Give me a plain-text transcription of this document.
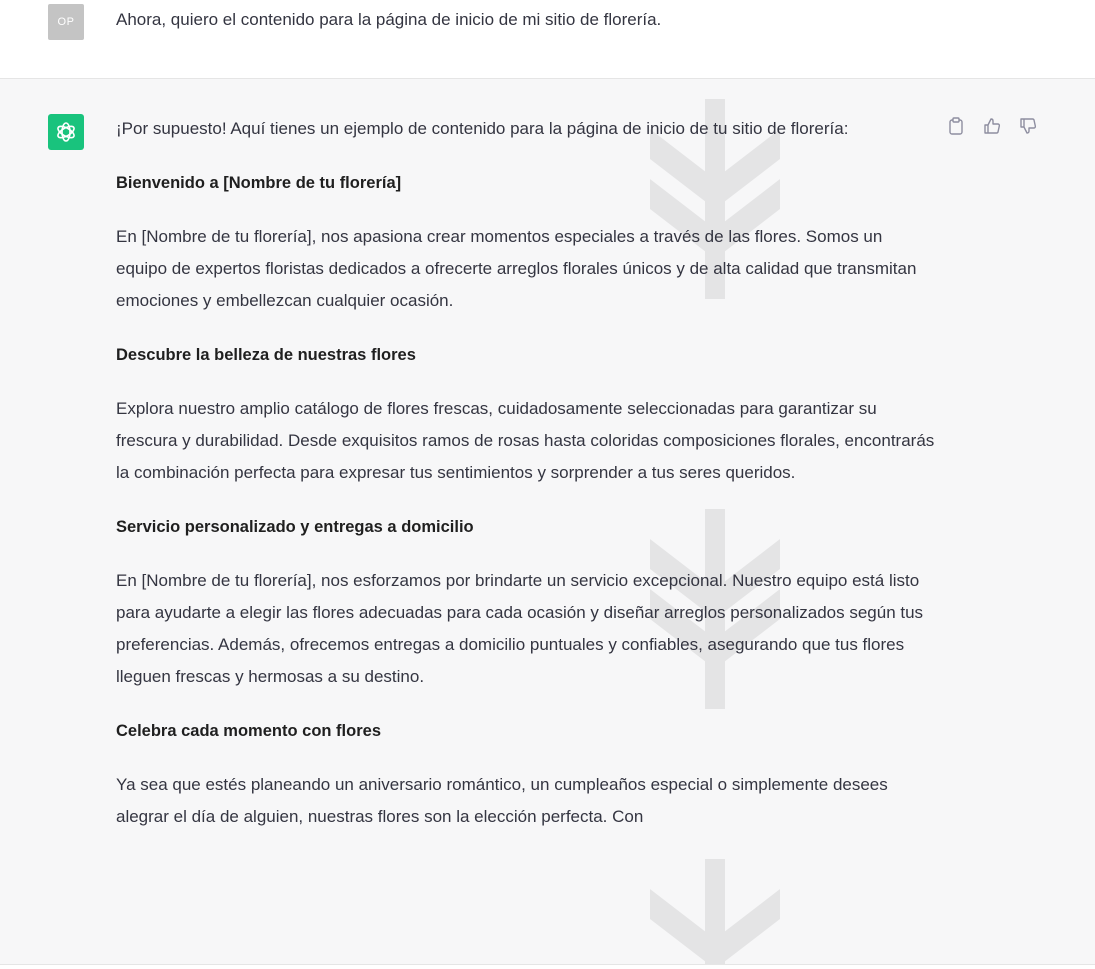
OP	Ahora, quiero el contenido para la página de inicio de mi sitio de florería.

¡Por supuesto! Aquí tienes un ejemplo de contenido para la página de inicio de tu sitio de florería:

Bienvenido a [Nombre de tu florería]

En [Nombre de tu florería], nos apasiona crear momentos especiales a través de las flores. Somos un equipo de expertos floristas dedicados a ofrecerte arreglos florales únicos y de alta calidad que transmitan emociones y embellezcan cualquier ocasión.

Descubre la belleza de nuestras flores

Explora nuestro amplio catálogo de flores frescas, cuidadosamente seleccionadas para garantizar su frescura y durabilidad. Desde exquisitos ramos de rosas hasta coloridas composiciones florales, encontrarás la combinación perfecta para expresar tus sentimientos y sorprender a tus seres queridos.

Servicio personalizado y entregas a domicilio

En [Nombre de tu florería], nos esforzamos por brindarte un servicio excepcional. Nuestro equipo está listo para ayudarte a elegir las flores adecuadas para cada ocasión y diseñar arreglos personalizados según tus preferencias. Además, ofrecemos entregas a domicilio puntuales y confiables, asegurando que tus flores lleguen frescas y hermosas a su destino.

Celebra cada momento con flores

Ya sea que estés planeando un aniversario romántico, un cumpleaños especial o simplemente desees alegrar el día de alguien, nuestras flores son la elección perfecta. Con
